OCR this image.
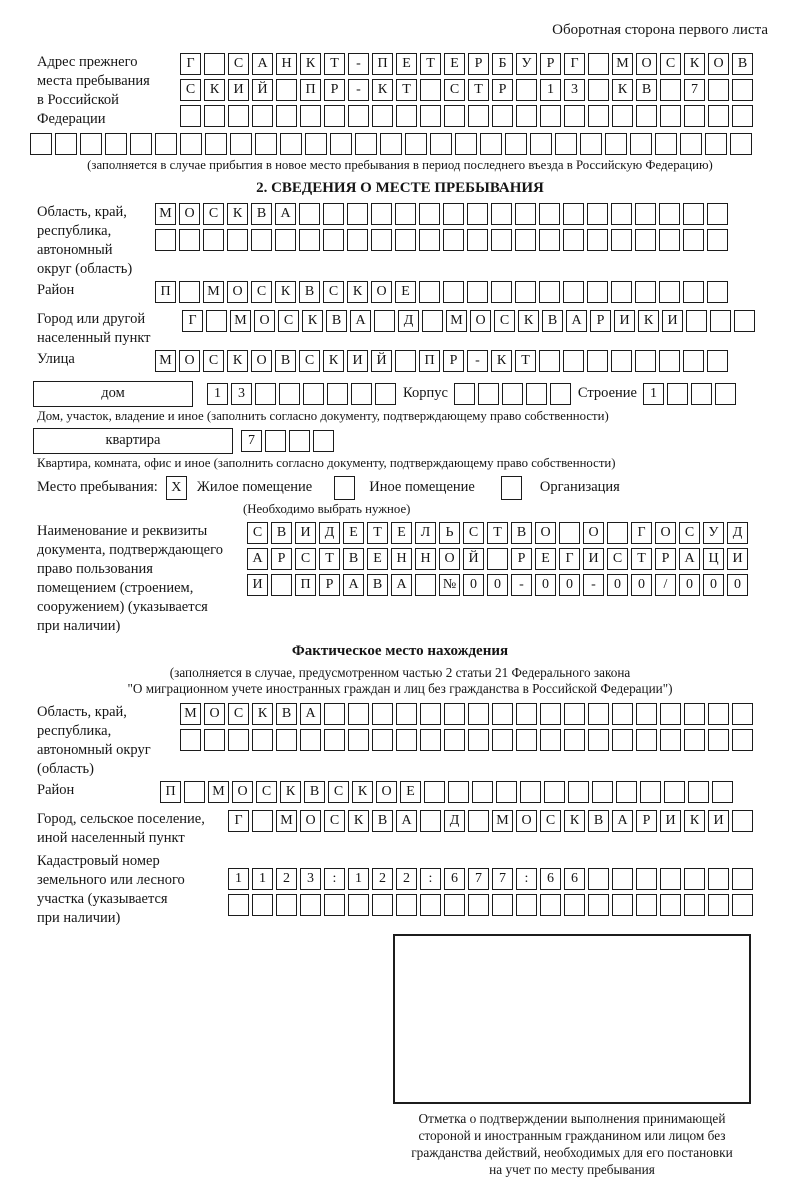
Оборотная сторона первого листа
Адрес прежнего
места пребывания
в Российской
Федерации
Г	С	А Н	К	Т	-	П	Е	Т	Е	Р	Б	У	Р	Г	М О	С	К	О	В
С	К	И Й	П	Р	-	К	Т	С	Т	Р	1	3	К	В	7
(заполняется в случае прибытия в новое место пребывания в период последнего въезда в Российскую Федерацию)
2. СВЕДЕНИЯ О МЕСТЕ ПРЕБЫВАНИЯ
Область, край,
республика,
автономный
округ (область)
М О	С	К	В	А
Район	П	М О	С	К	В	С	К	О	Е
Город или другой
населенный пункт
Г	М О	С	К	В	А	Д	М О	С	К	В	А	Р	И	К	И
Улица	М О	С	К	О	В	С	К	И Й	П	Р	-	К	Т
дом	1	3	Корпус	Строение 1
Дом, участок, владение и иное (заполнить согласно документу, подтверждающему право собственности)
квартира	7
Квартира, комната, офис и иное (заполнить согласно документу, подтверждающему право собственности)
Место пребывания: X	Жилое помещение	Иное помещение	Организация
(Необходимо выбрать нужное)
Наименование и реквизиты
документа, подтверждающего
право пользования
помещением (строением,
сооружением) (указывается
при наличии)
С	В	И	Д	Е	Т	Е	Л	Ь	С	Т	В	О	О	Г	О	С	У	Д
А	Р	С	Т	В	Е	Н Н О Й	Р	Е	Г	И	С	Т	Р	А Ц И
И	П	Р	А	В	А	№ 0	0	-	0	0	-	0	0	/	0	0	0
Фактическое место нахождения
(заполняется в случае, предусмотренном частью 2 статьи 21 Федерального закона
"О миграционном учете иностранных граждан и лиц без гражданства в Российской Федерации")
Область, край,
республика,
автономный округ
(область)
М О	С	К	В	А
Район	П	М О	С	К	В	С	К	О	Е
Город, сельское поселение,
иной населенный пункт
Г	М О	С	К	В	А	Д	М О	С	К	В	А	Р	И	К	И
Кадастровый номер
земельного или лесного
участка (указывается
при наличии)
1	1	2	3	:	1	2	2	:	6	7	7	:	6	6
Отметка о подтверждении выполнения принимающей
стороной и иностранным гражданином или лицом без
гражданства действий, необходимых для его постановки
на учет по месту пребывания
